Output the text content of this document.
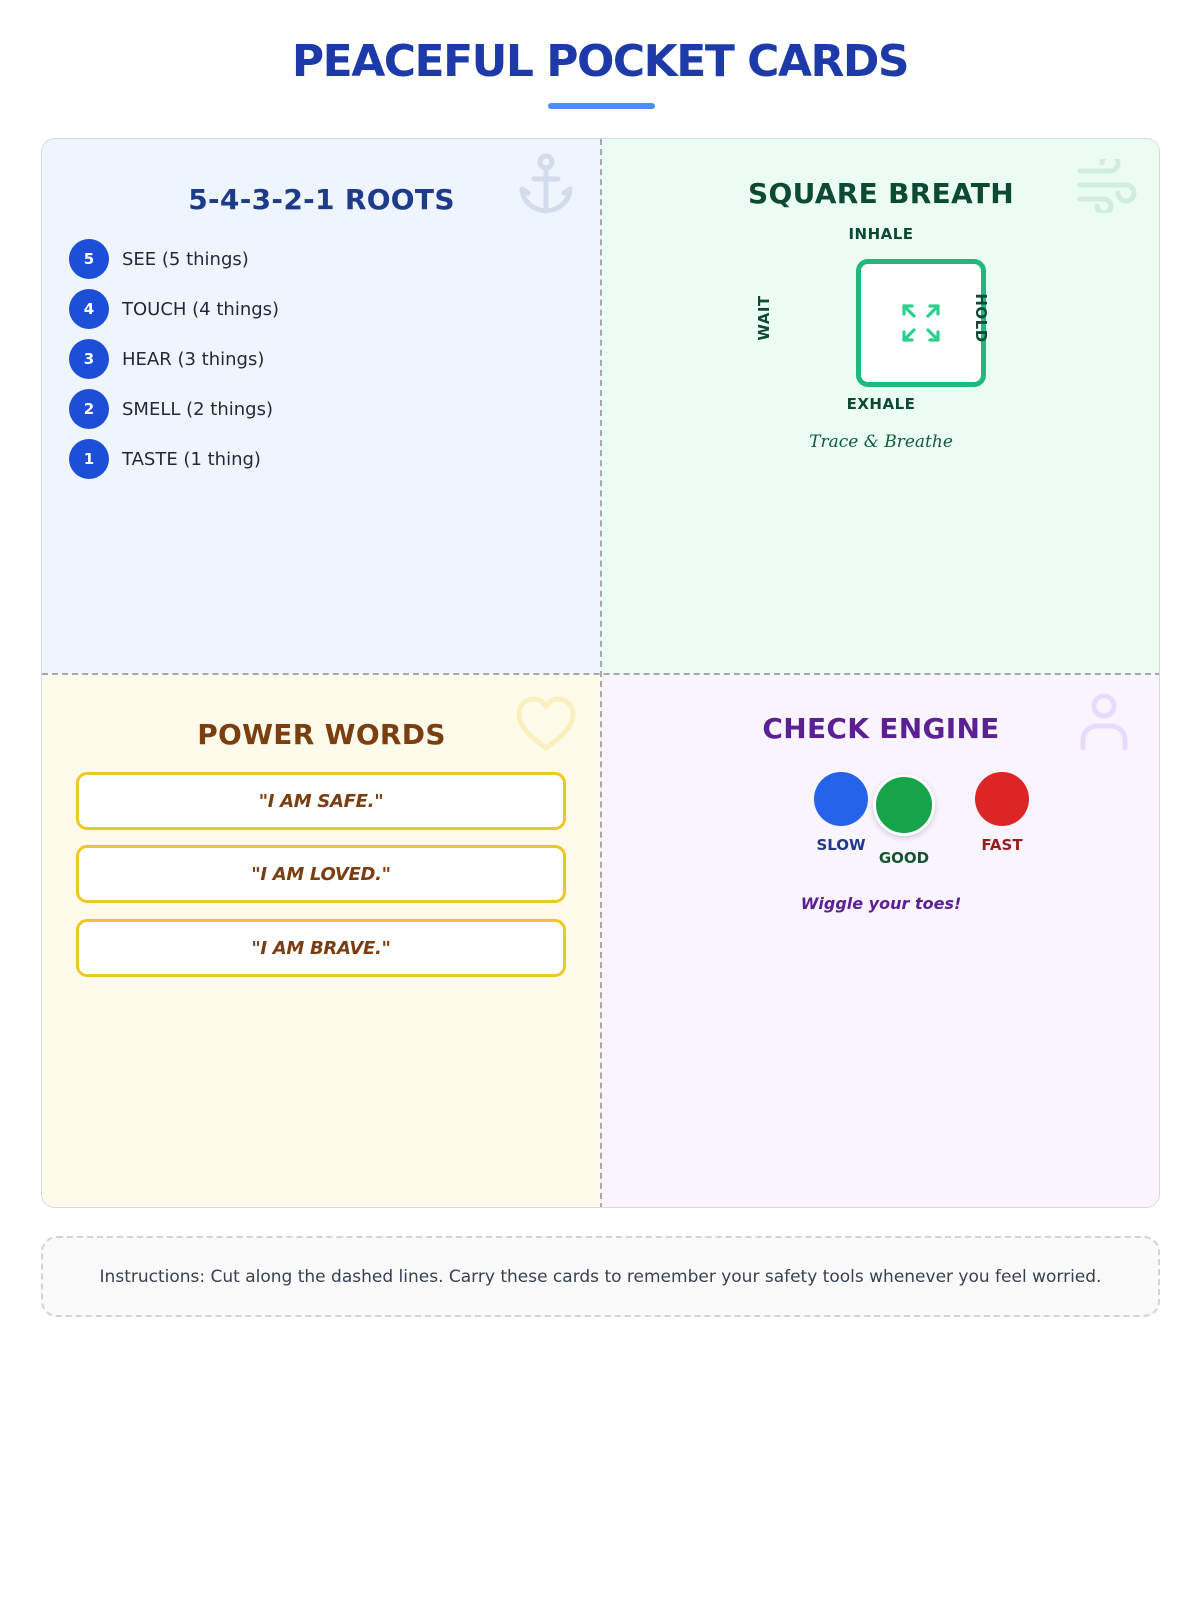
PEACEFUL POCKET CARDS
5-4-3-2-1 ROOTS
5	SEE (5 things)
4	TOUCH (4 things)
3	HEAR (3 things)
2	SMELL (2 things)
1	TASTE (1 thing)
SQUARE BREATH
INHALE
WAIT	HOLD
EXHALE
Trace & Breathe
POWER WORDS
"I AM SAFE."
"I AM LOVED."
"I AM BRAVE."
CHECK ENGINE
SLOW
GOOD
FAST
Wiggle your toes!
Instructions: Cut along the dashed lines. Carry these cards to remember your safety tools whenever you feel worried.
